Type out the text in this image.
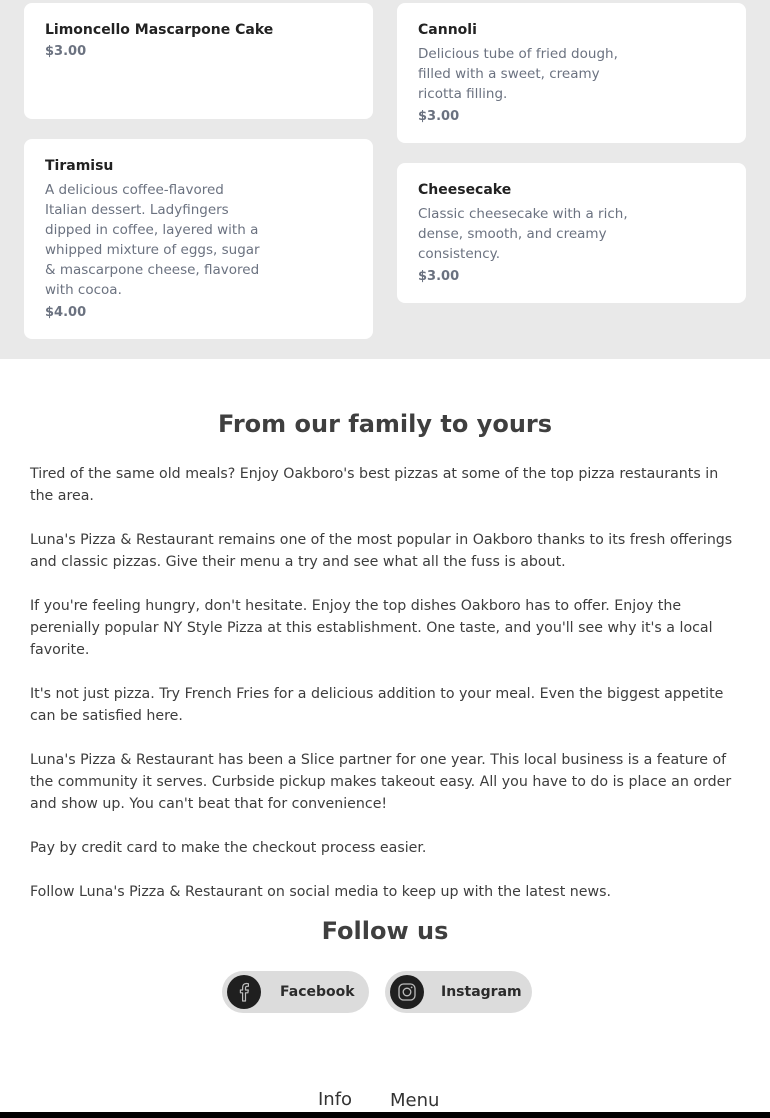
Limoncello Mascarpone Cake
$3.00
Tiramisu
A delicious coffee-flavored Italian dessert. Ladyfingers dipped in coffee, layered with a whipped mixture of eggs, sugar & mascarpone cheese, flavored with cocoa.
$4.00
Cannoli
Delicious tube of fried dough, filled with a sweet, creamy ricotta filling.
$3.00
Cheesecake
Classic cheesecake with a rich, dense, smooth, and creamy consistency.
$3.00
From our family to yours

Tired of the same old meals? Enjoy Oakboro's best pizzas at some of the top pizza restaurants in the area.

Luna's Pizza & Restaurant remains one of the most popular in Oakboro thanks to its fresh offerings and classic pizzas. Give their menu a try and see what all the fuss is about.

If you're feeling hungry, don't hesitate. Enjoy the top dishes Oakboro has to offer. Enjoy the perenially popular NY Style Pizza at this establishment. One taste, and you'll see why it's a local favorite.

It's not just pizza. Try French Fries for a delicious addition to your meal. Even the biggest appetite can be satisfied here.

Luna's Pizza & Restaurant has been a Slice partner for one year. This local business is a feature of the community it serves. Curbside pickup makes takeout easy. All you have to do is place an order and show up. You can't beat that for convenience!

Pay by credit card to make the checkout process easier.

Follow Luna's Pizza & Restaurant on social media to keep up with the latest news.

Follow us
Facebook	Instagram
Info Menu
